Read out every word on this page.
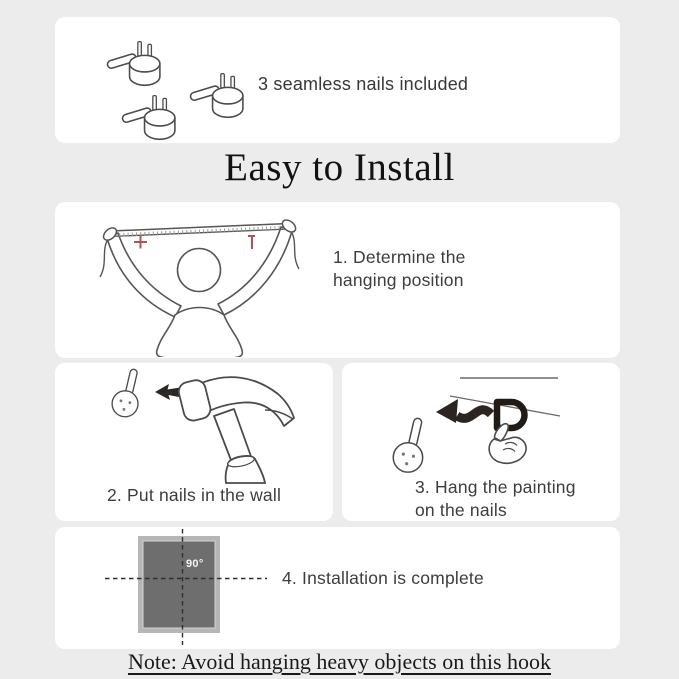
3 seamless nails included
Easy to Install

1. Determine the
hanging position

2. Put nails in the wall	3. Hang the painting
on the nails

90°

4. Installation is complete

Note: Avoid hanging heavy objects on this hook
